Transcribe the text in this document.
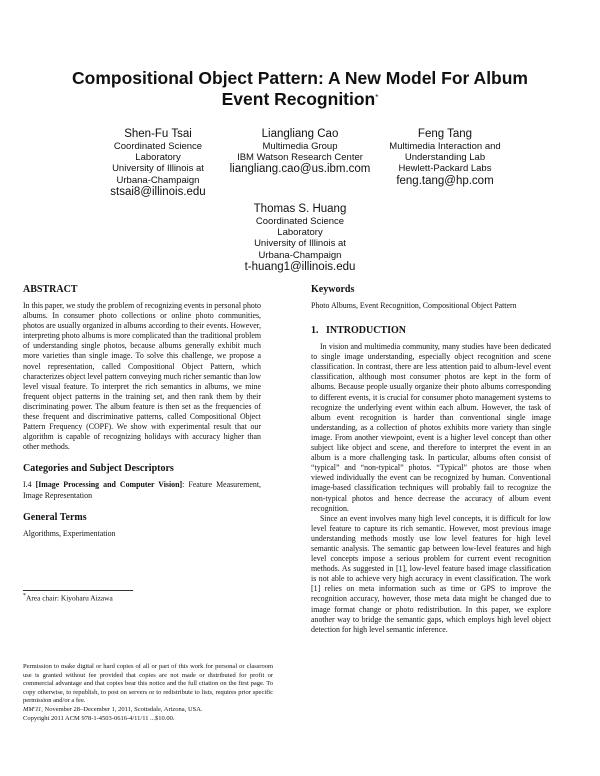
Compositional Object Pattern: A New Model For Album
Event Recognition*
Shen-Fu Tsai
Coordinated Science
Laboratory
University of Illinois at
Urbana-Champaign
stsai8@illinois.edu
Liangliang Cao
Multimedia Group
IBM Watson Research Center
liangliang.cao@us.ibm.com
Feng Tang
Multimedia Interaction and
Understanding Lab
Hewlett-Packard Labs
feng.tang@hp.com
Thomas S. Huang
Coordinated Science
Laboratory
University of Illinois at
Urbana-Champaign
t-huang1@illinois.edu
ABSTRACT

In this paper, we study the problem of recognizing events in personal photo albums. In consumer photo collections or online photo communities, photos are usually organized in albums according to their events. However, interpreting photo albums is more complicated than the traditional problem of understanding single photos, because albums generally exhibit much more varieties than single image. To solve this challenge, we propose a novel representation, called Compositional Object Pattern, which characterizes object level pattern conveying much richer semantic than low level visual feature. To interpret the rich semantics in albums, we mine frequent object patterns in the training set, and then rank them by their discriminating power. The album feature is then set as the frequencies of these frequent and discriminative patterns, called Compositional Object Pattern Frequency (COPF). We show with experimental result that our algorithm is capable of recognizing holidays with accuracy higher than other methods.

Categories and Subject Descriptors

I.4 [Image Processing and Computer Vision]: Feature Measurement, Image Representation

General Terms

Algorithms, Experimentation

*Area chair: Kiyoharu Aizawa
Permission to make digital or hard copies of all or part of this work for personal or classroom use is granted without fee provided that copies are not made or distributed for profit or commercial advantage and that copies bear this notice and the full citation on the first page. To copy otherwise, to republish, to post on servers or to redistribute to lists, requires prior specific permission and/or a fee.
MM'11, November 28–December 1, 2011, Scottsdale, Arizona, USA.
Copyright 2011 ACM 978-1-4503-0616-4/11/11 ...$10.00.
Keywords

Photo Albums, Event Recognition, Compositional Object Pattern

1.   INTRODUCTION

In vision and multimedia community, many studies have been dedicated to single image understanding, especially object recognition and scene classification. In contrast, there are less attention paid to album-level event classification, although most consumer photos are kept in the form of albums. Because people usually organize their photo albums corresponding to different events, it is crucial for consumer photo management systems to recognize the underlying event within each album. However, the task of album event recognition is harder than conventional single image understanding, as a collection of photos exhibits more variety than single image. From another viewpoint, event is a higher level concept than other subject like object and scene, and therefore to interpret the event in an album is a more challenging task. In particular, albums often consist of “typical” and “non-typical” photos. “Typical” photos are those when viewed individually the event can be recognized by human. Conventional image-based classification techniques will probably fail to recognize the non-typical photos and hence decrease the accuracy of album event recognition.

Since an event involves many high level concepts, it is difficult for low level feature to capture its rich semantic. However, most previous image understanding methods mostly use low level features for high level semantic analysis. The semantic gap between low-level features and high level concepts impose a serious problem for current event recognition methods. As suggested in [1], low-level feature based image classification is not able to achieve very high accuracy in event classification. The work [1] relies on meta information such as time or GPS to improve the recognition accuracy, however, those meta data might be changed due to image format change or photo redistribution. In this paper, we explore another way to bridge the semantic gaps, which employs high level object detection for high level semantic inference.
